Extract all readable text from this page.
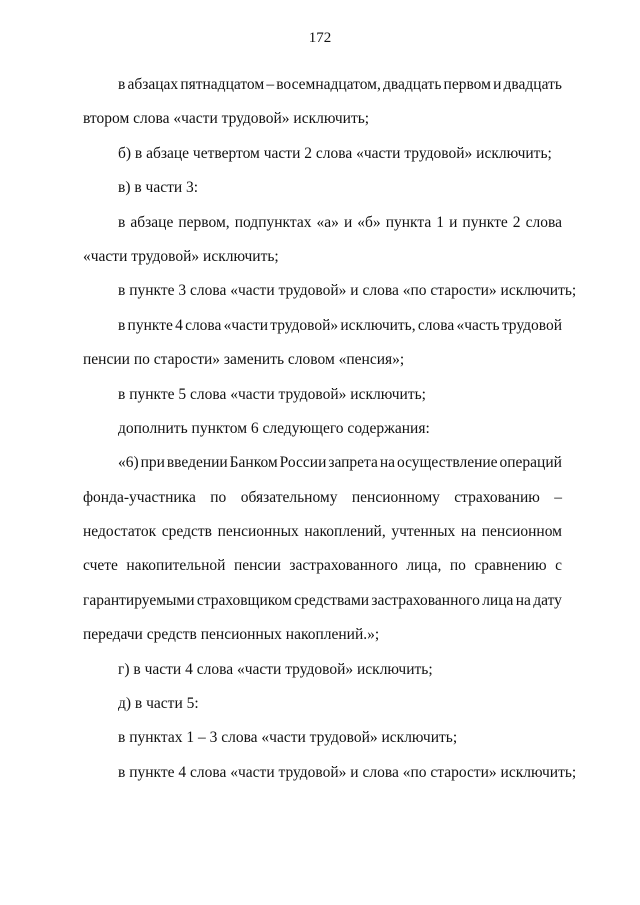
172
в абзацах пятнадцатом – восемнадцатом, двадцать первом и двадцать
втором слова «части трудовой» исключить;
б) в абзаце четвертом части 2 слова «части трудовой» исключить;
в) в части 3:
в абзаце первом, подпунктах «а» и «б» пункта 1 и пункте 2 слова
«части трудовой» исключить;
в пункте 3 слова «части трудовой» и слова «по старости» исключить;
в пункте 4 слова «части трудовой» исключить, слова «часть трудовой
пенсии по старости» заменить словом «пенсия»;
в пункте 5 слова «части трудовой» исключить;
дополнить пунктом 6 следующего содержания:
«6) при введении Банком России запрета на осуществление операций
фонда-участника по обязательному пенсионному страхованию –
недостаток средств пенсионных накоплений, учтенных на пенсионном
счете накопительной пенсии застрахованного лица, по сравнению с
гарантируемыми страховщиком средствами застрахованного лица на дату
передачи средств пенсионных накоплений.»;
г) в части 4 слова «части трудовой» исключить;
д) в части 5:
в пунктах 1 – 3 слова «части трудовой» исключить;
в пункте 4 слова «части трудовой» и слова «по старости» исключить;
